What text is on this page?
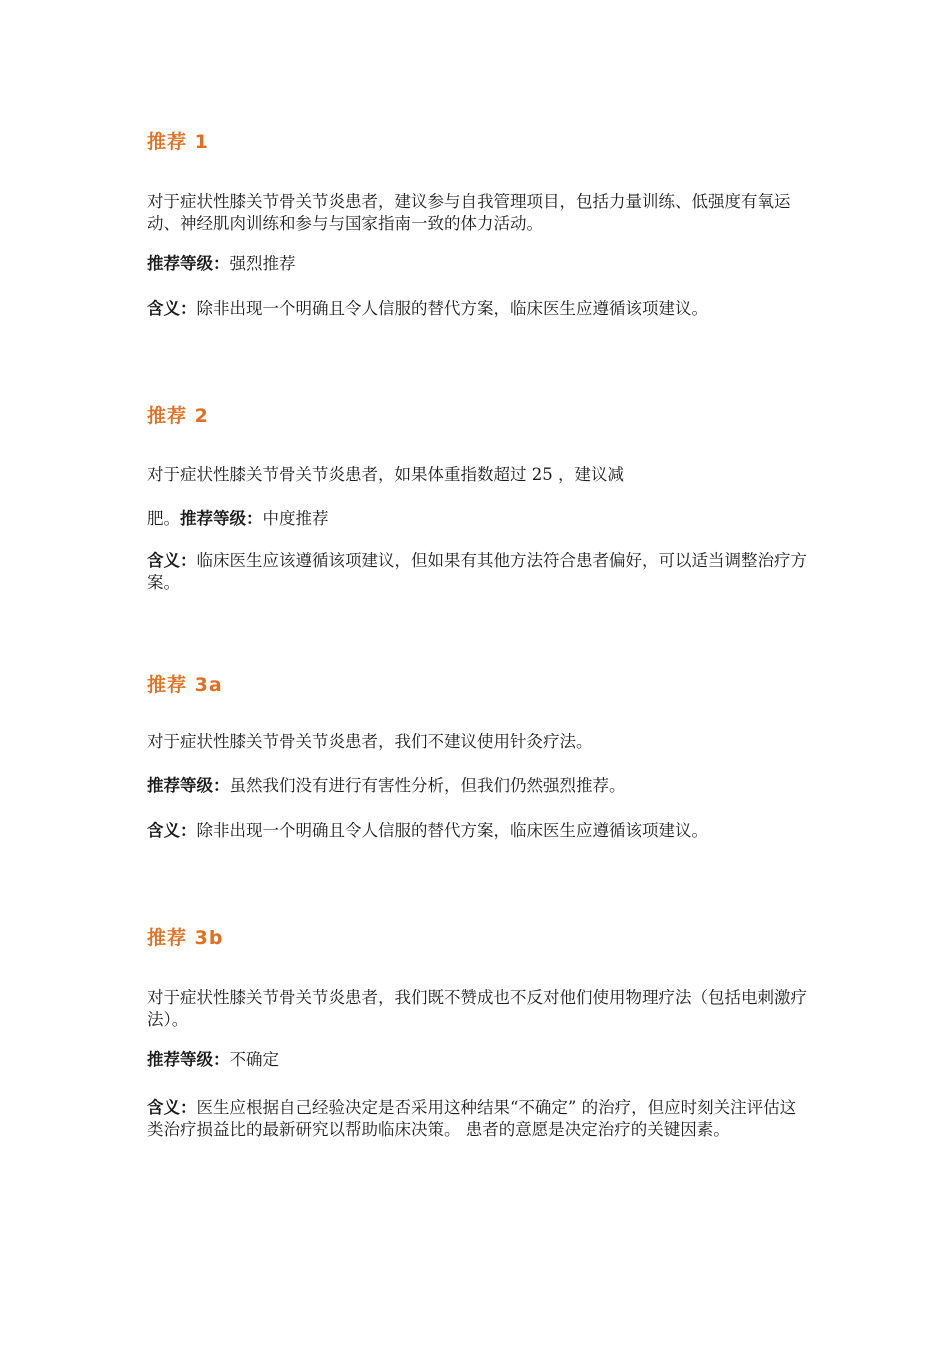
推荐 1
对于症状性膝关节骨关节炎患者，建议参与自我管理项目，包括力量训练、低强度有氧运动、神经肌肉训练和参与与国家指南一致的体力活动。
推荐等级：强烈推荐
含义：除非出现一个明确且令人信服的替代方案，临床医生应遵循该项建议。
推荐 2
对于症状性膝关节骨关节炎患者，如果体重指数超过 25 ，建议减
肥。推荐等级：中度推荐
含义：临床医生应该遵循该项建议，但如果有其他方法符合患者偏好，可以适当调整治疗方案。
推荐 3a
对于症状性膝关节骨关节炎患者，我们不建议使用针灸疗法。
推荐等级：虽然我们没有进行有害性分析，但我们仍然强烈推荐。
含义：除非出现一个明确且令人信服的替代方案，临床医生应遵循该项建议。
推荐 3b
对于症状性膝关节骨关节炎患者，我们既不赞成也不反对他们使用物理疗法（包括电刺激疗法）。
推荐等级：不确定
含义：医生应根据自己经验决定是否采用这种结果“不确定” 的治疗，但应时刻关注评估这类治疗损益比的最新研究以帮助临床决策。 患者的意愿是决定治疗的关键因素。
